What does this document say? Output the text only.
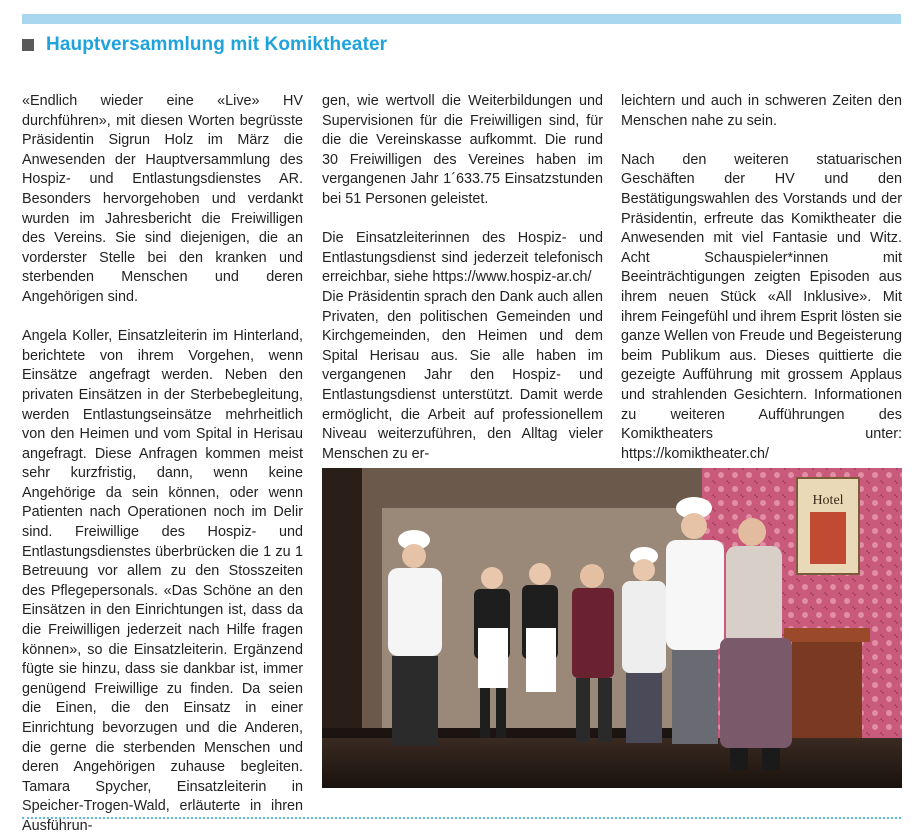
Hauptversammlung mit Komiktheater

«Endlich wieder eine «Live» HV durchführen», mit diesen Worten begrüsste Präsidentin Sigrun Holz im März die Anwesenden der Hauptversammlung des Hospiz- und Entlastungsdienstes AR. Besonders hervorgehoben und verdankt wurden im Jahresbericht die Freiwilligen des Vereins. Sie sind diejenigen, die an vorderster Stelle bei den kranken und sterbenden Menschen und deren Angehörigen sind.

Angela Koller, Einsatzleiterin im Hinterland, berichtete von ihrem Vorgehen, wenn Einsätze angefragt werden. Neben den privaten Einsätzen in der Sterbebegleitung, werden Entlastungseinsätze mehrheitlich von den Heimen und vom Spital in Herisau angefragt. Diese Anfragen kommen meist sehr kurzfristig, dann, wenn keine Angehörige da sein können, oder wenn Patienten nach Operationen noch im Delir sind. Freiwillige des Hospiz- und Entlastungsdienstes überbrücken die 1 zu 1 Betreuung vor allem zu den Stosszeiten des Pflegepersonals. «Das Schöne an den Einsätzen in den Einrichtungen ist, dass da die Freiwilligen jederzeit nach Hilfe fragen können», so die Einsatzleiterin. Ergänzend fügte sie hinzu, dass sie dankbar ist, immer genügend Freiwillige zu finden. Da seien die Einen, die den Einsatz in einer Einrichtung bevorzugen und die Anderen, die gerne die sterbenden Menschen und deren Angehörigen zuhause begleiten. Tamara Spycher, Einsatzleiterin in Speicher-Trogen-Wald, erläuterte in ihren Ausführun-

gen, wie wertvoll die Weiterbildungen und Supervisionen für die Freiwilligen sind, für die die Vereinskasse aufkommt. Die rund 30 Freiwilligen des Vereines haben im vergangenen Jahr 1´633.75 Einsatzstunden bei 51 Personen geleistet.

Die Einsatzleiterinnen des Hospiz- und Entlastungsdienst sind jederzeit telefonisch erreichbar, siehe https://www.hospiz-ar.ch/

Die Präsidentin sprach den Dank auch allen Privaten, den politischen Gemeinden und Kirchgemeinden, den Heimen und dem Spital Herisau aus. Sie alle haben im vergangenen Jahr den Hospiz- und Entlastungsdienst unterstützt. Damit werde ermöglicht, die Arbeit auf professionellem Niveau weiterzuführen, den Alltag vieler Menschen zu er-

leichtern und auch in schweren Zeiten den Menschen nahe zu sein.

Nach den weiteren statuarischen Geschäften der HV und den Bestätigungswahlen des Vorstands und der Präsidentin, erfreute das Komiktheater die Anwesenden mit viel Fantasie und Witz. Acht Schauspieler*innen mit Beeinträchtigungen zeigten Episoden aus ihrem neuen Stück «All Inklusive». Mit ihrem Feingefühl und ihrem Esprit lösten sie ganze Wellen von Freude und Begeisterung beim Publikum aus. Dieses quittierte die gezeigte Aufführung mit grossem Applaus und strahlenden Gesichtern. Informationen zu weiteren Aufführungen des Komiktheaters unter: https://komiktheater.ch/

Hotel
